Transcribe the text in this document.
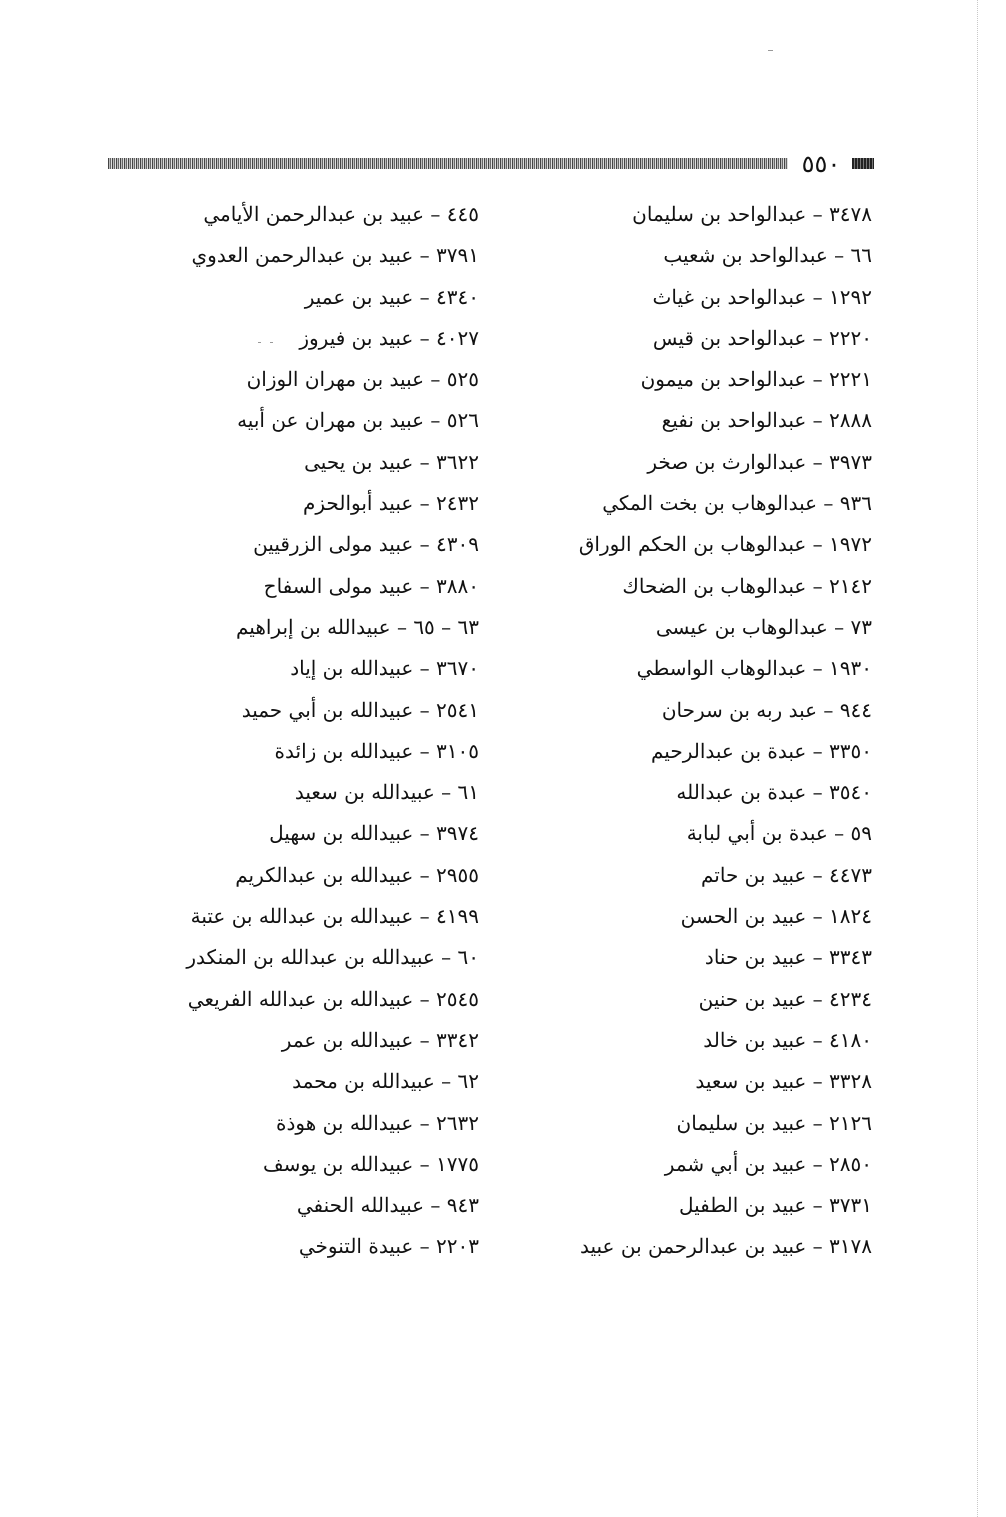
٥٥٠
٣٤٧٨ – عبدالواحد بن سليمان
٦٦ – عبدالواحد بن شعيب
١٢٩٢ – عبدالواحد بن غياث
٢٢٢٠ – عبدالواحد بن قيس
٢٢٢١ – عبدالواحد بن ميمون
٢٨٨٨ – عبدالواحد بن نفيع
٣٩٧٣ – عبدالوارث بن صخر
٩٣٦ – عبدالوهاب بن بخت المكي
١٩٧٢ – عبدالوهاب بن الحكم الوراق
٢١٤٢ – عبدالوهاب بن الضحاك
٧٣ – عبدالوهاب بن عيسى
١٩٣٠ – عبدالوهاب الواسطي
٩٤٤ – عبد ربه بن سرحان
٣٣٥٠ – عبدة بن عبدالرحيم
٣٥٤٠ – عبدة بن عبدالله
٥٩ – عبدة بن أبي لبابة
٤٤٧٣ – عبيد بن حاتم
١٨٢٤ – عبيد بن الحسن
٣٣٤٣ – عبيد بن حناد
٤٢٣٤ – عبيد بن حنين
٤١٨٠ – عبيد بن خالد
٣٣٢٨ – عبيد بن سعيد
٢١٢٦ – عبيد بن سليمان
٢٨٥٠ – عبيد بن أبي شمر
٣٧٣١ – عبيد بن الطفيل
٣١٧٨ – عبيد بن عبدالرحمن بن عبيد
٤٤٥ – عبيد بن عبدالرحمن الأيامي
٣٧٩١ – عبيد بن عبدالرحمن العدوي
٤٣٤٠ – عبيد بن عمير
٤٠٢٧ – عبيد بن فيروز
٥٢٥ – عبيد بن مهران الوزان
٥٢٦ – عبيد بن مهران عن أبيه
٣٦٢٢ – عبيد بن يحيى
٢٤٣٢ – عبيد أبوالحزم
٤٣٠٩ – عبيد مولى الزرقيين
٣٨٨٠ – عبيد مولى السفاح
٦٣ – ٦٥ – عبيدالله بن إبراهيم
٣٦٧٠ – عبيدالله بن إياد
٢٥٤١ – عبيدالله بن أبي حميد
٣١٠٥ – عبيدالله بن زائدة
٦١ – عبيدالله بن سعيد
٣٩٧٤ – عبيدالله بن سهيل
٢٩٥٥ – عبيدالله بن عبدالكريم
٤١٩٩ – عبيدالله بن عبدالله بن عتبة
٦٠ – عبيدالله بن عبدالله بن المنكدر
٢٥٤٥ – عبيدالله بن عبدالله الفريعي
٣٣٤٢ – عبيدالله بن عمر
٦٢ – عبيدالله بن محمد
٢٦٣٢ – عبيدالله بن هوذة
١٧٧٥ – عبيدالله بن يوسف
٩٤٣ – عبيدالله الحنفي
٢٢٠٣ – عبيدة التنوخي
